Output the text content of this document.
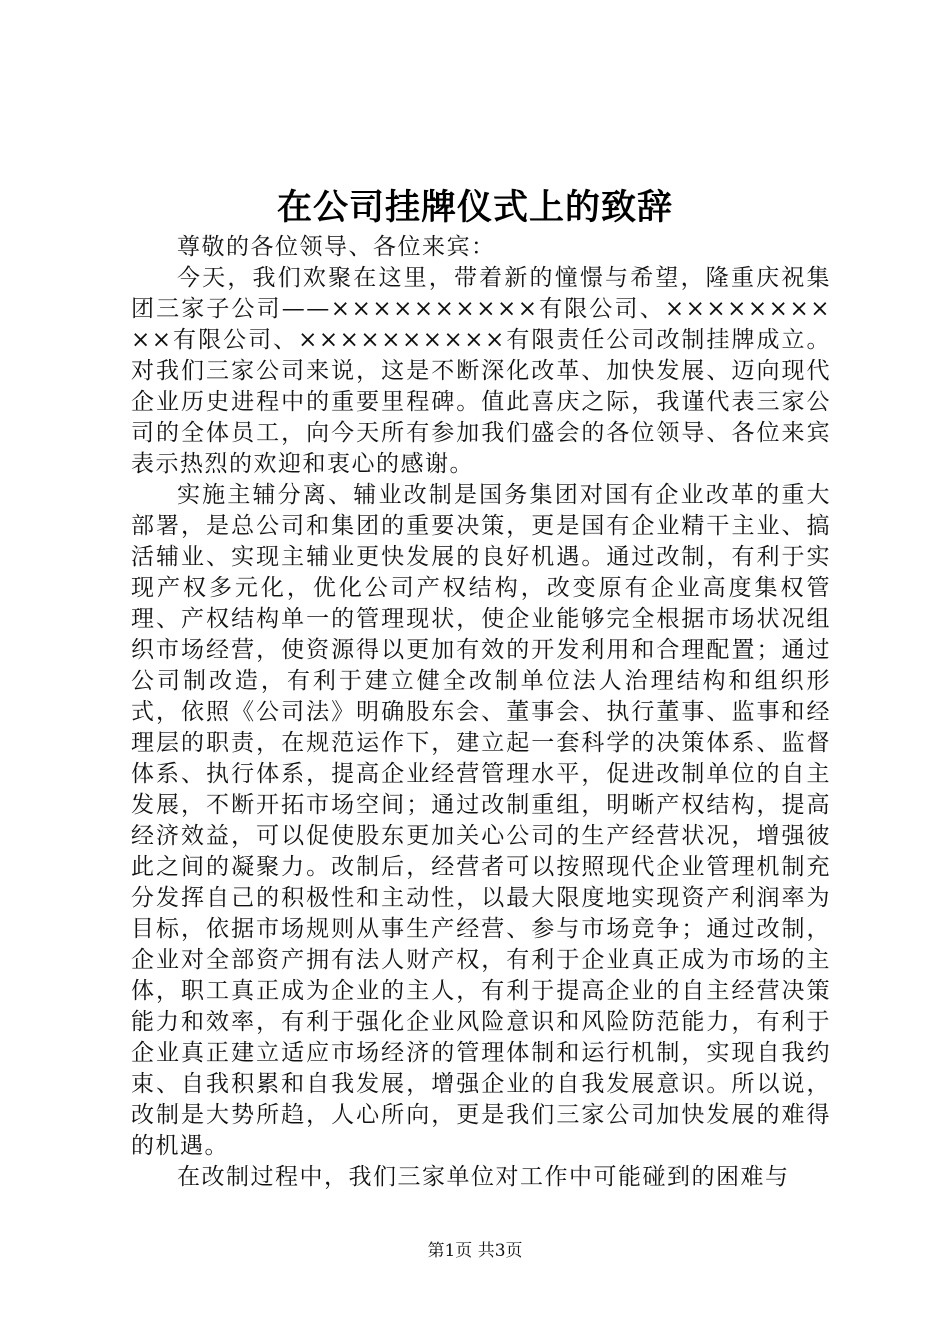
在公司挂牌仪式上的致辞

尊敬的各位领导、各位来宾：

今天，我们欢聚在这里，带着新的憧憬与希望，隆重庆祝集团三家子公司——××××××××××有限公司、××××××××××有限公司、××××××××××有限责任公司改制挂牌成立。对我们三家公司来说，这是不断深化改革、加快发展、迈向现代企业历史进程中的重要里程碑。值此喜庆之际，我谨代表三家公司的全体员工，向今天所有参加我们盛会的各位领导、各位来宾表示热烈的欢迎和衷心的感谢。

实施主辅分离、辅业改制是国务集团对国有企业改革的重大部署，是总公司和集团的重要决策，更是国有企业精干主业、搞活辅业、实现主辅业更快发展的良好机遇。通过改制，有利于实现产权多元化，优化公司产权结构，改变原有企业高度集权管理、产权结构单一的管理现状，使企业能够完全根据市场状况组织市场经营，使资源得以更加有效的开发利用和合理配置；通过公司制改造，有利于建立健全改制单位法人治理结构和组织形式，依照《公司法》明确股东会、董事会、执行董事、监事和经理层的职责，在规范运作下，建立起一套科学的决策体系、监督体系、执行体系，提高企业经营管理水平，促进改制单位的自主发展，不断开拓市场空间；通过改制重组，明晰产权结构，提高经济效益，可以促使股东更加关心公司的生产经营状况，增强彼此之间的凝聚力。改制后，经营者可以按照现代企业管理机制充分发挥自己的积极性和主动性，以最大限度地实现资产利润率为目标，依据市场规则从事生产经营、参与市场竞争；通过改制，企业对全部资产拥有法人财产权，有利于企业真正成为市场的主体，职工真正成为企业的主人，有利于提高企业的自主经营决策能力和效率，有利于强化企业风险意识和风险防范能力，有利于企业真正建立适应市场经济的管理体制和运行机制，实现自我约束、自我积累和自我发展，增强企业的自我发展意识。所以说，改制是大势所趋，人心所向，更是我们三家公司加快发展的难得的机遇。

在改制过程中，我们三家单位对工作中可能碰到的困难与

第1页 共3页
